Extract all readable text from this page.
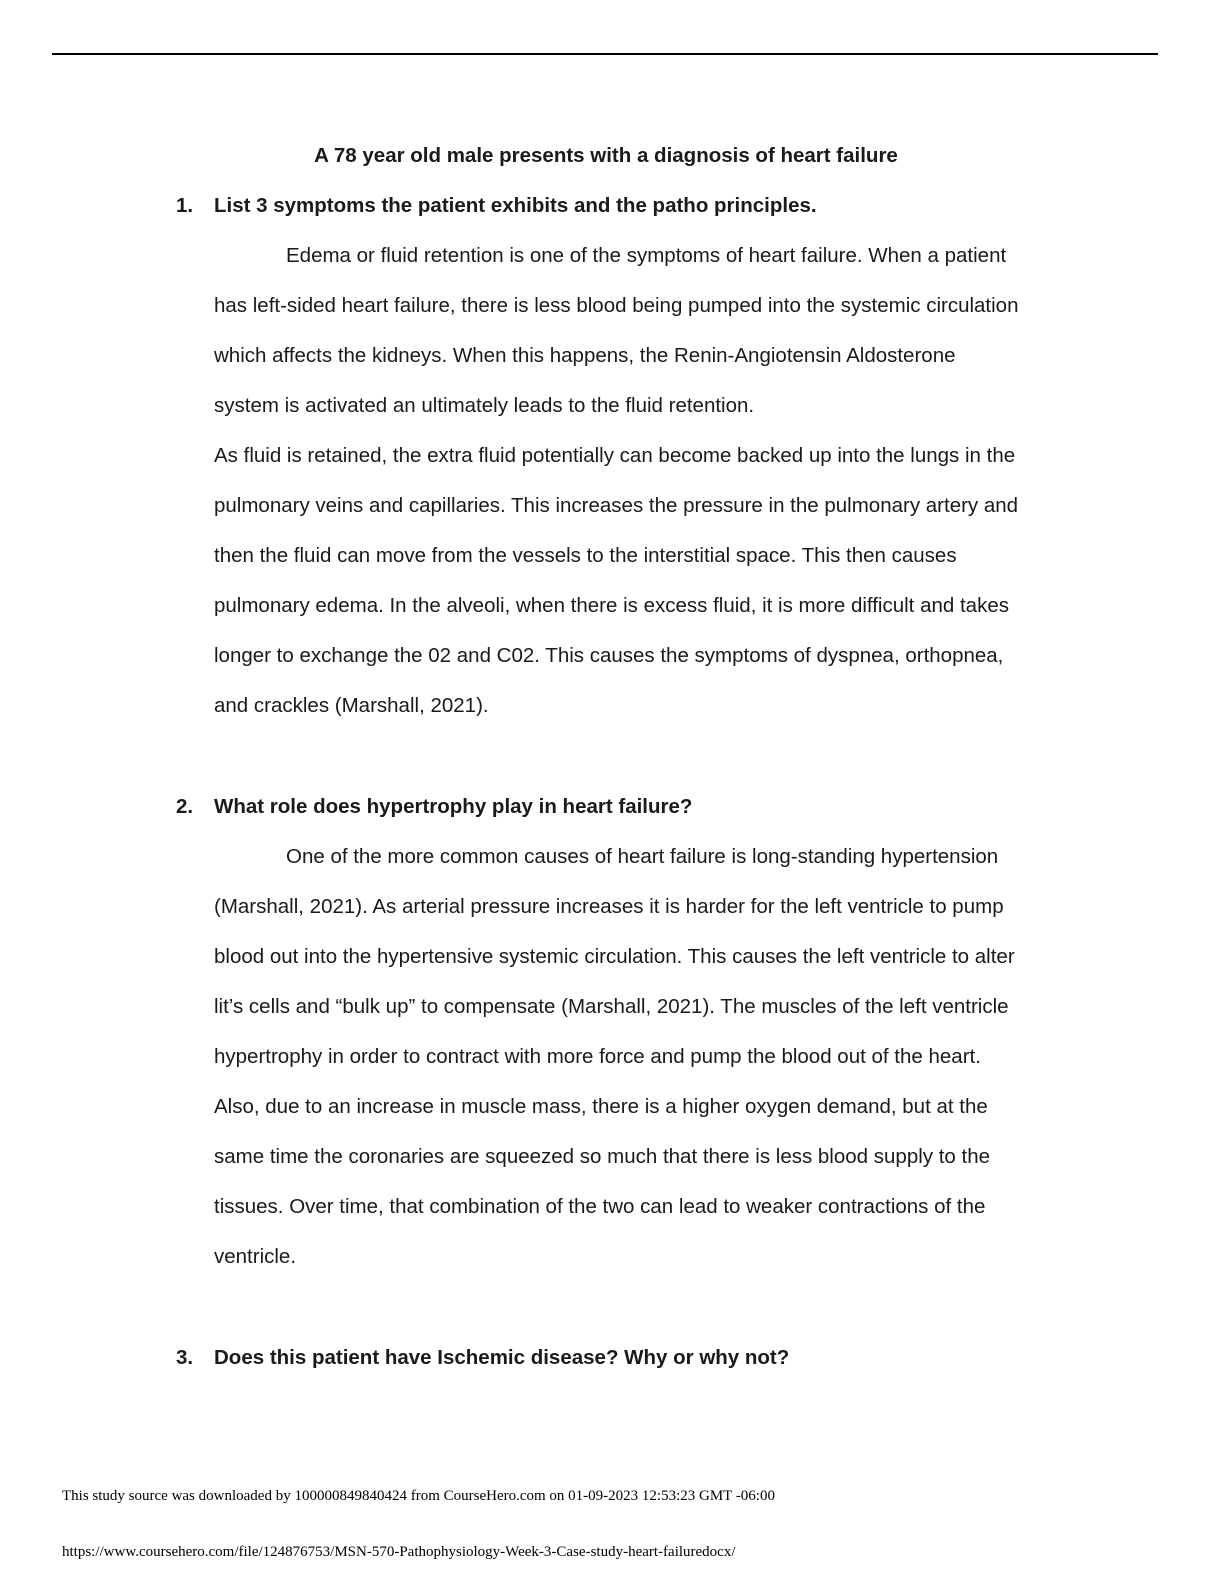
A 78 year old male presents with a diagnosis of heart failure

1. List 3 symptoms the patient exhibits and the patho principles.

Edema or fluid retention is one of the symptoms of heart failure. When a patient

has left-sided heart failure, there is less blood being pumped into the systemic circulation

which affects the kidneys. When this happens, the Renin-Angiotensin Aldosterone

system is activated an ultimately leads to the fluid retention.

As fluid is retained, the extra fluid potentially can become backed up into the lungs in the

pulmonary veins and capillaries. This increases the pressure in the pulmonary artery and

then the fluid can move from the vessels to the interstitial space. This then causes

pulmonary edema. In the alveoli, when there is excess fluid, it is more difficult and takes

longer to exchange the 02 and C02. This causes the symptoms of dyspnea, orthopnea,

and crackles (Marshall, 2021).

2. What role does hypertrophy play in heart failure?

One of the more common causes of heart failure is long-standing hypertension

(Marshall, 2021). As arterial pressure increases it is harder for the left ventricle to pump

blood out into the hypertensive systemic circulation. This causes the left ventricle to alter

lit’s cells and “bulk up” to compensate (Marshall, 2021). The muscles of the left ventricle

hypertrophy in order to contract with more force and pump the blood out of the heart.

Also, due to an increase in muscle mass, there is a higher oxygen demand, but at the

same time the coronaries are squeezed so much that there is less blood supply to the

tissues. Over time, that combination of the two can lead to weaker contractions of the

ventricle.

3. Does this patient have Ischemic disease? Why or why not?

This study source was downloaded by 100000849840424 from CourseHero.com on 01-09-2023 12:53:23 GMT -06:00
https://www.coursehero.com/file/124876753/MSN-570-Pathophysiology-Week-3-Case-study-heart-failuredocx/
